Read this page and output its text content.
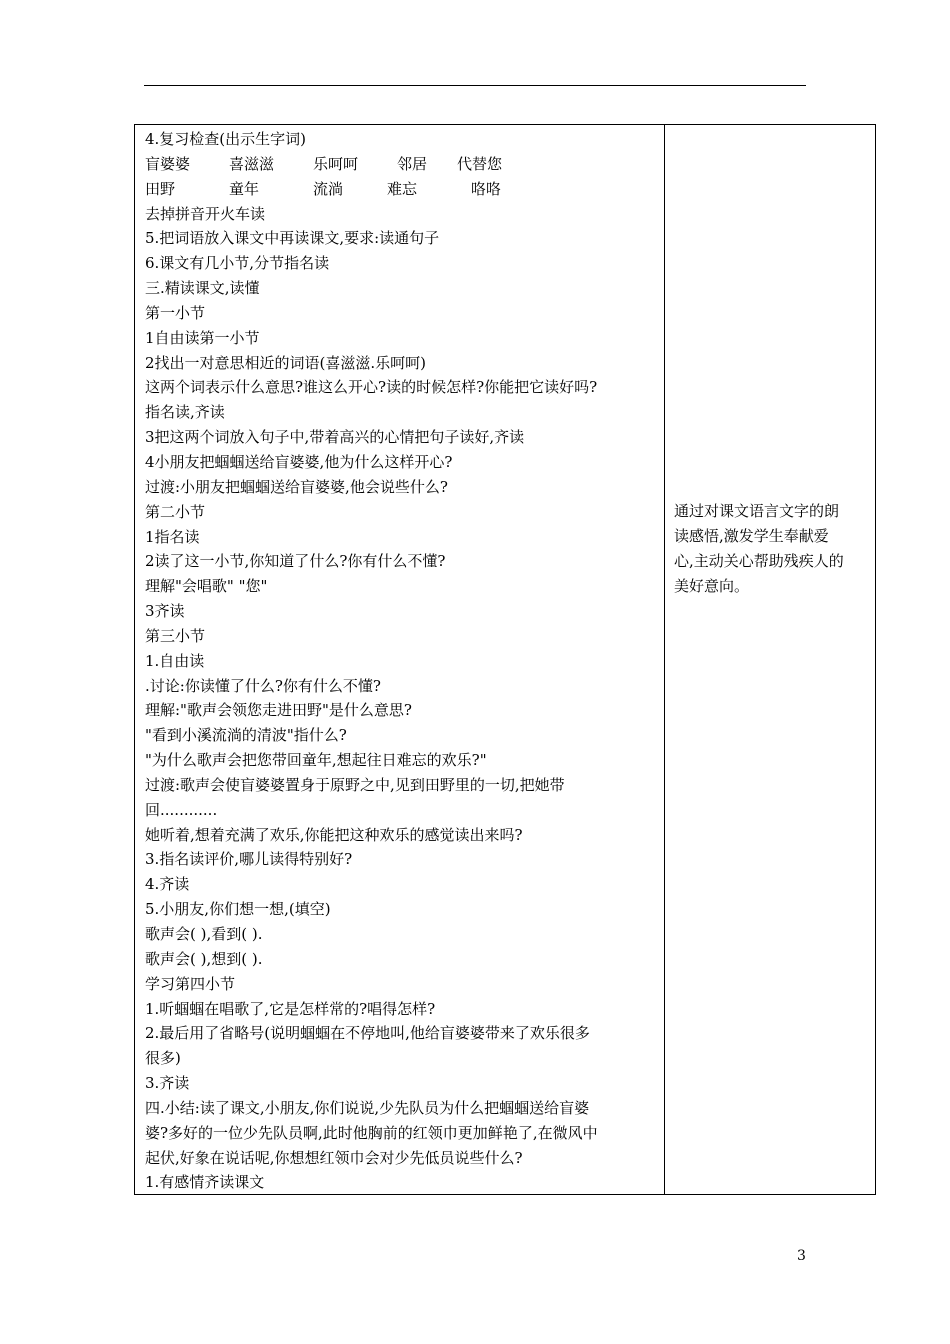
4.复习检查(出示生字词)
盲婆婆	喜滋滋	乐呵呵	邻居	代替您
田野	童年	流淌	难忘	咯咯
去掉拼音开火车读
5.把词语放入课文中再读课文,要求:读通句子
6.课文有几小节,分节指名读
三.精读课文,读懂
第一小节
1自由读第一小节
2找出一对意思相近的词语(喜滋滋.乐呵呵)
这两个词表示什么意思?谁这么开心?读的时候怎样?你能把它读好吗?
指名读,齐读
3把这两个词放入句子中,带着高兴的心情把句子读好,齐读
4小朋友把蝈蝈送给盲婆婆,他为什么这样开心?
过渡:小朋友把蝈蝈送给盲婆婆,他会说些什么?
第二小节
1指名读
2读了这一小节,你知道了什么?你有什么不懂?
理解"会唱歌" "您"
3齐读
第三小节
1.自由读
.讨论:你读懂了什么?你有什么不懂?
理解:"歌声会领您走进田野"是什么意思?
"看到小溪流淌的清波"指什么?
"为什么歌声会把您带回童年,想起往日难忘的欢乐?"
过渡:歌声会使盲婆婆置身于原野之中,见到田野里的一切,把她带
回............
她听着,想着充满了欢乐,你能把这种欢乐的感觉读出来吗?
3.指名读评价,哪儿读得特别好?
4.齐读
5.小朋友,你们想一想,(填空)
歌声会( ),看到( ).
歌声会( ),想到( ).
学习第四小节
1.听蝈蝈在唱歌了,它是怎样常的?唱得怎样?
2.最后用了省略号(说明蝈蝈在不停地叫,他给盲婆婆带来了欢乐很多
很多)
3.齐读
四.小结:读了课文,小朋友,你们说说,少先队员为什么把蝈蝈送给盲婆
婆?多好的一位少先队员啊,此时他胸前的红领巾更加鲜艳了,在微风中
起伏,好象在说话呢,你想想红领巾会对少先低员说些什么?
1.有感情齐读课文
通过对课文语言文字的朗
读感悟,激发学生奉献爱
心,主动关心帮助残疾人的
美好意向。
3
